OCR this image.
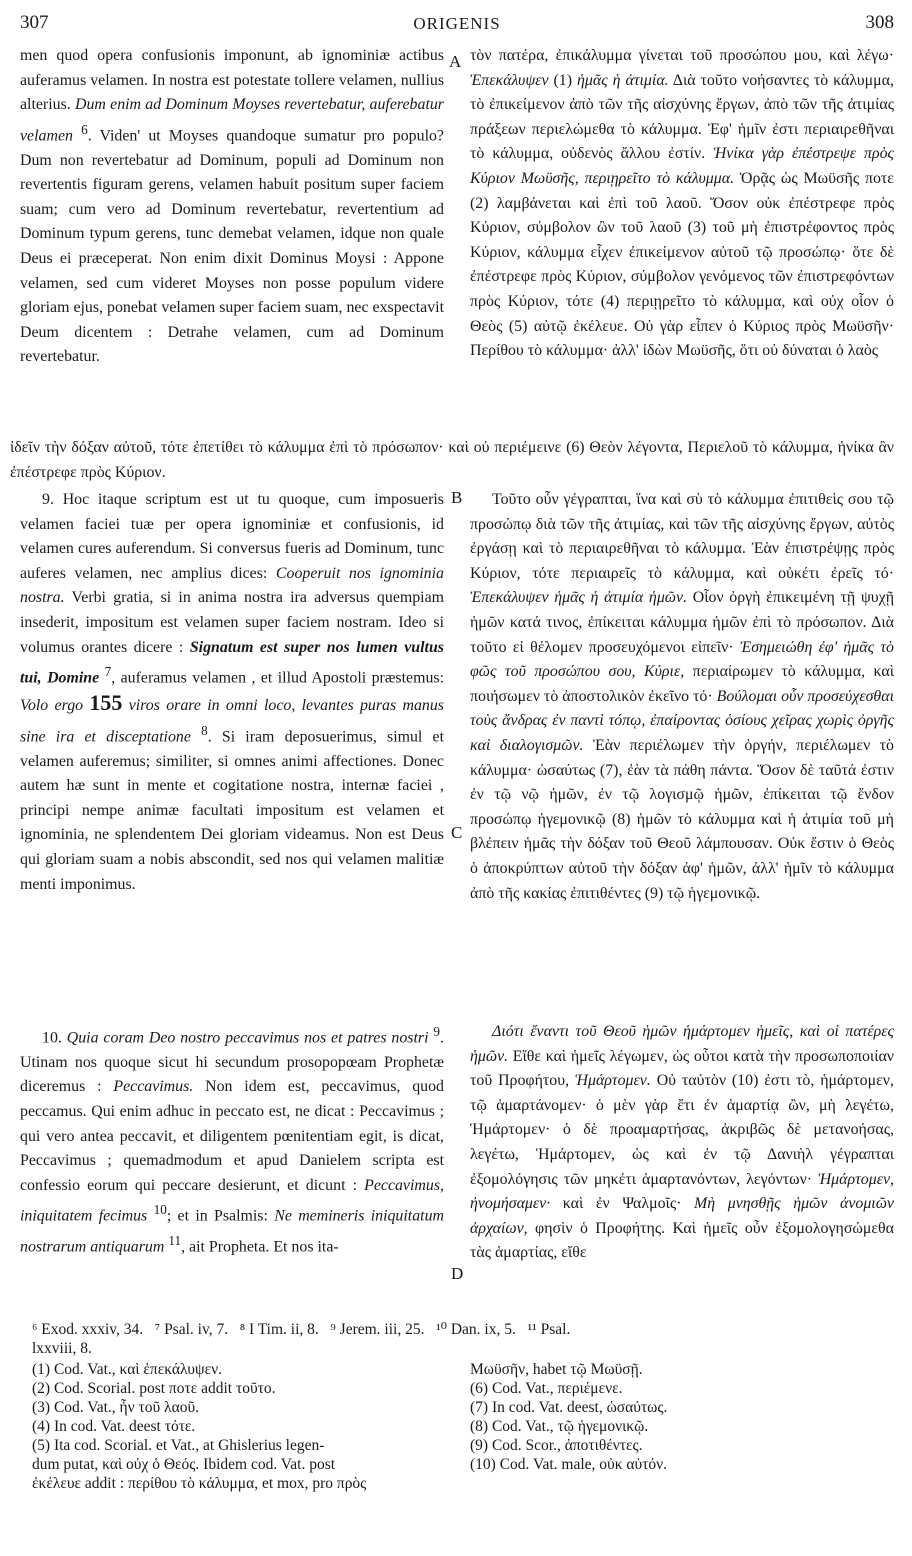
307	ORIGENIS	308
A
B
C
D

men quod opera confusionis imponunt, ab ignominiæ actibus auferamus velamen. In nostra est potestate tollere velamen, nullius alterius. Dum enim ad Dominum Moyses revertebatur, auferebatur velamen $^6$. Viden' ut Moyses quandoque sumatur pro populo? Dum non revertebatur ad Dominum, populi ad Dominum non revertentis figuram gerens, velamen habuit positum super faciem suam; cum vero ad Dominum revertebatur, revertentium ad Dominum typum gerens, tunc demebat velamen, idque non quale Deus ei præceperat. Non enim dixit Dominus Moysi : Appone velamen, sed cum videret Moyses non posse populum videre gloriam ejus, ponebat velamen super faciem suam, nec exspectavit Deum dicentem : Detrahe velamen, cum ad Dominum revertebatur.

τὸν πατέρα, ἐπικάλυμμα γίνεται τοῦ προσώπου μου, καὶ λέγω· Ἐπεκάλυψεν (1) ἡμᾶς ἡ ἀτιμία. Διὰ τοῦτο νοήσαντες τὸ κάλυμμα, τὸ ἐπικείμενον ἀπὸ τῶν τῆς αἰσχύνης ἔργων, ἀπὸ τῶν τῆς ἀτιμίας πράξεων περιελώμεθα τὸ κάλυμμα. Ἐφ' ἡμῖν ἐστι περιαιρεθῆναι τὸ κάλυμμα, οὐδενὸς ἄλλου ἐστίν. Ἡνίκα γὰρ ἐπέστρεψε πρὸς Κύριον Μωϋσῆς, περιῃρεῖτο τὸ κάλυμμα. Ὁρᾷς ὡς Μωϋσῆς ποτε (2) λαμβάνεται καὶ ἐπὶ τοῦ λαοῦ. Ὅσον οὐκ ἐπέστρεφε πρὸς Κύριον, σύμβολον ὢν τοῦ λαοῦ (3) τοῦ μὴ ἐπιστρέφοντος πρὸς Κύριον, κάλυμμα εἶχεν ἐπικείμενον αὐτοῦ τῷ προσώπῳ· ὅτε δὲ ἐπέστρεφε πρὸς Κύριον, σύμβολον γενόμενος τῶν ἐπιστρεφόντων πρὸς Κύριον, τότε (4) περιῃρεῖτο τὸ κάλυμμα, καὶ οὐχ οἷον ὁ Θεὸς (5) αὐτῷ ἐκέλευε. Οὐ γὰρ εἶπεν ὁ Κύριος πρὸς Μωϋσῆν· Περίθου τὸ κάλυμμα· ἀλλ' ἰδὼν Μωϋσῆς, ὅτι οὐ δύναται ὁ λαὸς

ἰδεῖν τὴν δόξαν αὐτοῦ, τότε ἐπετίθει τὸ κάλυμμα ἐπὶ τὸ πρόσωπον· καὶ οὐ περιέμεινε (6) Θεὸν λέγοντα, Περιελοῦ τὸ κάλυμμα, ἡνίκα ἂν ἐπέστρεφε πρὸς Κύριον.

9. Hoc itaque scriptum est ut tu quoque, cum imposueris velamen faciei tuæ per opera ignominiæ et confusionis, id velamen cures auferendum. Si conversus fueris ad Dominum, tunc auferes velamen, nec amplius dices: Cooperuit nos ignominia nostra. Verbi gratia, si in anima nostra ira adversus quempiam insederit, impositum est velamen super faciem nostram. Ideo si volumus orantes dicere : Signatum est super nos lumen vultus tui, Domine $^7$, auferamus velamen , et illud Apostoli præstemus: Volo ergo 155 viros orare in omni loco, levantes puras manus sine ira et disceptatione $^8$. Si iram deposuerimus, simul et velamen auferemus; similiter, si omnes animi affectiones. Donec autem hæ sunt in mente et cogitatione nostra, internæ faciei , principi nempe animæ facultati impositum est velamen et ignominia, ne splendentem Dei gloriam videamus. Non est Deus qui gloriam suam a nobis abscondit, sed nos qui velamen malitiæ menti imponimus.

Τοῦτο οὖν γέγραπται, ἵνα καὶ σὺ τὸ κάλυμμα ἐπιτιθεὶς σου τῷ προσώπῳ διὰ τῶν τῆς ἀτιμίας, καὶ τῶν τῆς αἰσχύνης ἔργων, αὐτὸς ἐργάσῃ καὶ τὸ περιαιρεθῆναι τὸ κάλυμμα. Ἐὰν ἐπιστρέψῃς πρὸς Κύριον, τότε περιαιρεῖς τὸ κάλυμμα, καὶ οὐκέτι ἐρεῖς τό· Ἐπεκάλυψεν ἡμᾶς ἡ ἀτιμία ἡμῶν. Οἷον ὀργὴ ἐπικειμένη τῇ ψυχῇ ἡμῶν κατά τινος, ἐπίκειται κάλυμμα ἡμῶν ἐπὶ τὸ πρόσωπον. Διὰ τοῦτο εἰ θέλομεν προσευχόμενοι εἰπεῖν· Ἐσημειώθη ἐφ' ἡμᾶς τὸ φῶς τοῦ προσώπου σου, Κύριε, περιαίρωμεν τὸ κάλυμμα, καὶ ποιήσωμεν τὸ ἀποστολικὸν ἐκεῖνο τό· Βούλομαι οὖν προσεύχεσθαι τοὺς ἄνδρας ἐν παντὶ τόπῳ, ἐπαίροντας ὁσίους χεῖρας χωρὶς ὀργῆς καὶ διαλογισμῶν. Ἐὰν περιέλωμεν τὴν ὀργήν, περιέλωμεν τὸ κάλυμμα· ὡσαύτως (7), ἐὰν τὰ πάθη πάντα. Ὅσον δὲ ταῦτά ἐστιν ἐν τῷ νῷ ἡμῶν, ἐν τῷ λογισμῷ ἡμῶν, ἐπίκειται τῷ ἔνδον προσώπῳ ἡγεμονικῷ (8) ἡμῶν τὸ κάλυμμα καὶ ἡ ἀτιμία τοῦ μὴ βλέπειν ἡμᾶς τὴν δόξαν τοῦ Θεοῦ λάμπουσαν. Οὐκ ἔστιν ὁ Θεὸς ὁ ἀποκρύπτων αὐτοῦ τὴν δόξαν ἀφ' ἡμῶν, ἀλλ' ἡμῖν τὸ κάλυμμα ἀπὸ τῆς κακίας ἐπιτιθέντες (9) τῷ ἡγεμονικῷ.

10. Quia coram Deo nostro peccavimus nos et patres nostri $^9$. Utinam nos quoque sicut hi secundum prosopopœam Prophetæ diceremus : Peccavimus. Non idem est, peccavimus, quod peccamus. Qui enim adhuc in peccato est, ne dicat : Peccavimus ; qui vero antea peccavit, et diligentem pœnitentiam egit, is dicat, Peccavimus ; quemadmodum et apud Danielem scripta est confessio eorum qui peccare desierunt, et dicunt : Peccavimus, iniquitatem fecimus $^{10}$; et in Psalmis: Ne memineris iniquitatum nostrarum antiquarum $^{11}$, ait Propheta. Et nos ita-

Διότι ἔναντι τοῦ Θεοῦ ἡμῶν ἡμάρτομεν ἡμεῖς, καὶ οἱ πατέρες ἡμῶν. Εἴθε καὶ ἡμεῖς λέγωμεν, ὡς οὗτοι κατὰ τὴν προσωποποιίαν τοῦ Προφήτου, Ἡμάρτομεν. Οὐ ταὐτὸν (10) ἐστι τὸ, ἡμάρτομεν, τῷ ἁμαρτάνομεν· ὁ μὲν γὰρ ἔτι ἐν ἁμαρτίᾳ ὢν, μὴ λεγέτω, Ἡμάρτομεν· ὁ δὲ προαμαρτήσας, ἀκριβῶς δὲ μετανοήσας, λεγέτω, Ἡμάρτομεν, ὡς καὶ ἐν τῷ Δανιὴλ γέγραπται ἐξομολόγησις τῶν μηκέτι ἁμαρτανόντων, λεγόντων· Ἡμάρτομεν, ἠνομήσαμεν· καὶ ἐν Ψαλμοῖς· Μὴ μνησθῇς ἡμῶν ἀνομιῶν ἀρχαίων, φησὶν ὁ Προφήτης. Καὶ ἡμεῖς οὖν ἐξομολογησώμεθα τὰς ἁμαρτίας, εἴθε

⁶ Exod. xxxiv, 34.   ⁷ Psal. iv, 7.   ⁸ I Tim. ii, 8.   ⁹ Jerem. iii, 25.   ¹⁰ Dan. ix, 5.   ¹¹ Psal.
lxxviii, 8.
(1) Cod. Vat., καὶ ἐπεκάλυψεν.
(2) Cod. Scorial. post ποτε addit τοῦτο.
(3) Cod. Vat., ἦν τοῦ λαοῦ.
(4) In cod. Vat. deest τότε.
(5) Ita cod. Scorial. et Vat., at Ghislerius legen-
dum putat, καὶ οὐχ ὁ Θεός. Ibidem cod. Vat. post
ἐκέλευε addit : περίθου τὸ κάλυμμα, et mox, pro πρὸς
Μωϋσῆν, habet τῷ Μωϋσῇ.
(6) Cod. Vat., περιέμενε.
(7) In cod. Vat. deest, ὡσαύτως.
(8) Cod. Vat., τῷ ἡγεμονικῷ.
(9) Cod. Scor., ἀποτιθέντες.
(10) Cod. Vat. male, οὐκ αὐτόν.
